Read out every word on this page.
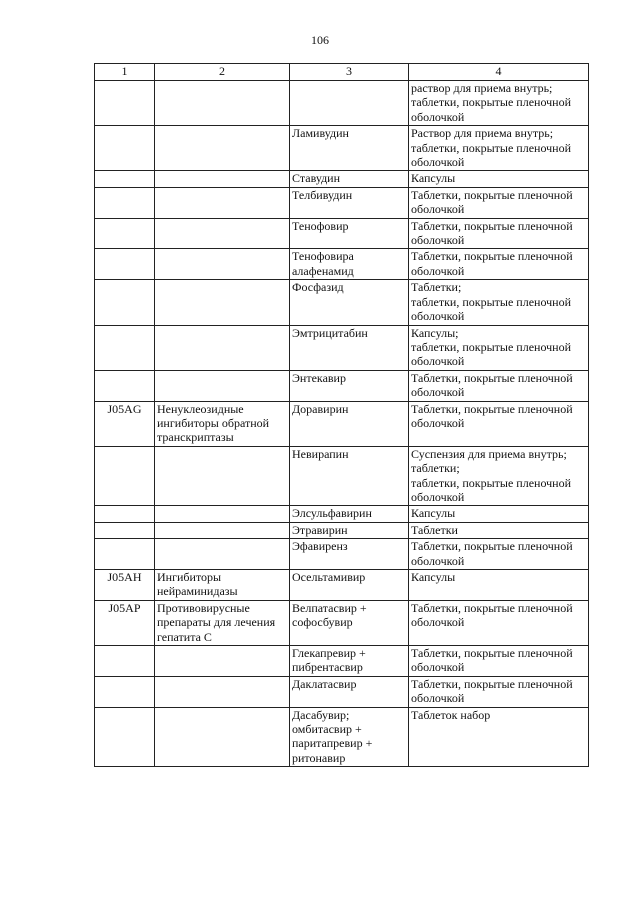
106
1	2	3	4

			раствор для приема внутрь;
таблетки, покрытые пленочной
оболочкой

		Ламивудин	Раствор для приема внутрь;
таблетки, покрытые пленочной
оболочкой

		Ставудин	Капсулы

		Телбивудин	Таблетки, покрытые пленочной
оболочкой

		Тенофовир	Таблетки, покрытые пленочной
оболочкой

		Тенофовира
алафенамид	Таблетки, покрытые пленочной
оболочкой

		Фосфазид	Таблетки;
таблетки, покрытые пленочной
оболочкой

		Эмтрицитабин	Капсулы;
таблетки, покрытые пленочной
оболочкой

		Энтекавир	Таблетки, покрытые пленочной
оболочкой

J05AG	Ненуклеозидные
ингибиторы обратной
транскриптазы	Доравирин	Таблетки, покрытые пленочной
оболочкой

		Невирапин	Суспензия для приема внутрь;
таблетки;
таблетки, покрытые пленочной
оболочкой

		Элсульфавирин	Капсулы

		Этравирин	Таблетки

		Эфавиренз	Таблетки, покрытые пленочной
оболочкой

J05AH	Ингибиторы
нейраминидазы	Осельтамивир	Капсулы

J05AP	Противовирусные
препараты для лечения
гепатита С	Велпатасвир +
софосбувир	Таблетки, покрытые пленочной
оболочкой

		Глекапревир +
пибрентасвир	Таблетки, покрытые пленочной
оболочкой

		Даклатасвир	Таблетки, покрытые пленочной
оболочкой

		Дасабувир;
омбитасвир +
паритапревир +
ритонавир	Таблеток набор
